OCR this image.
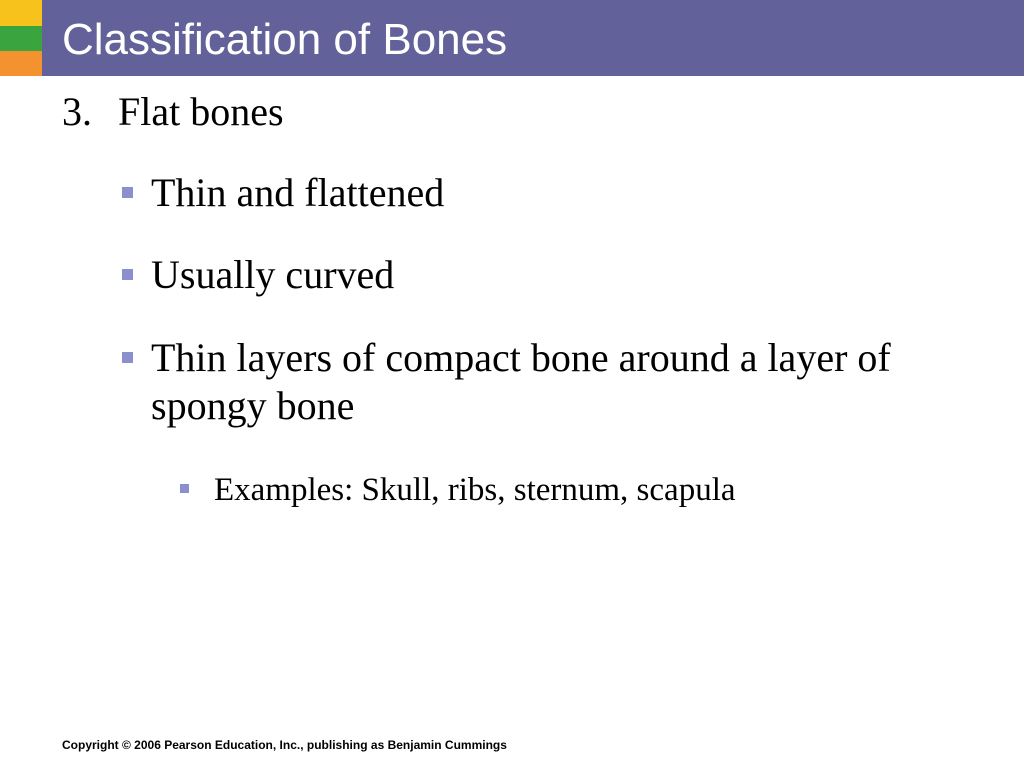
Classification of Bones
3. Flat bones
Thin and flattened
Usually curved
Thin layers of compact bone around a layer of spongy bone
Examples: Skull, ribs, sternum, scapula
Copyright © 2006 Pearson Education, Inc., publishing as Benjamin Cummings
